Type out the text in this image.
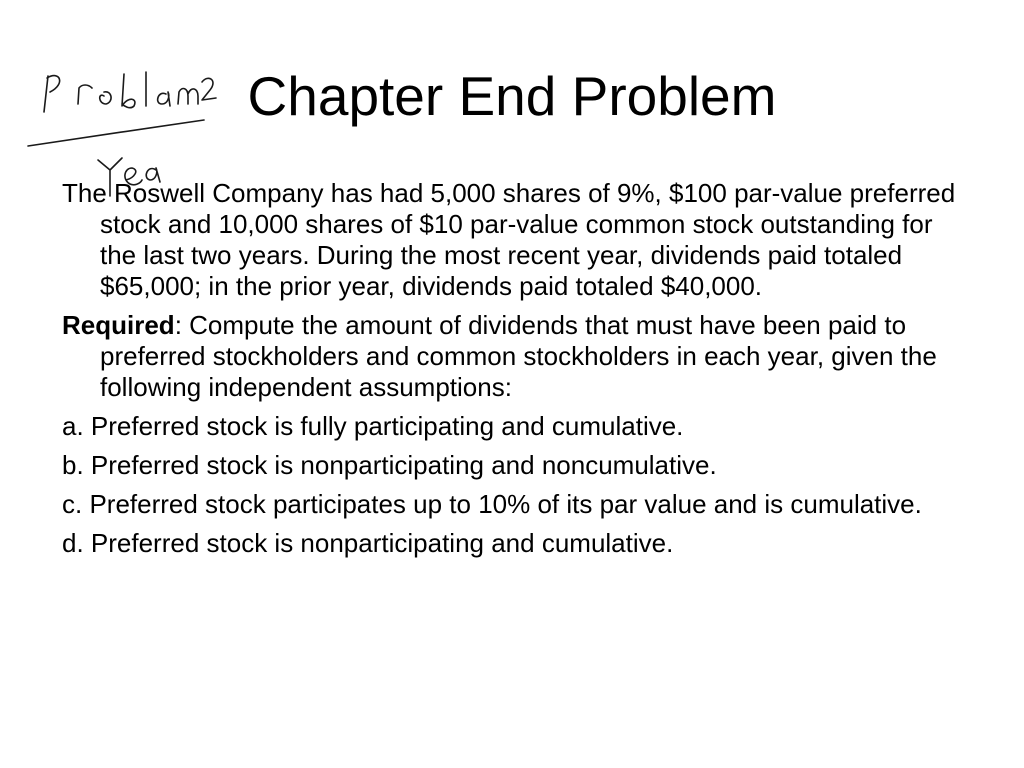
Chapter End Problem

The Roswell Company has had 5,000 shares of 9%, $100 par-value preferred stock and 10,000 shares of $10 par-value common stock outstanding for the last two years. During the most recent year, dividends paid totaled $65,000; in the prior year, dividends paid totaled $40,000.

Required: Compute the amount of dividends that must have been paid to preferred stockholders and common stockholders in each year, given the following independent assumptions:

a. Preferred stock is fully participating and cumulative.

b. Preferred stock is nonparticipating and noncumulative.

c. Preferred stock participates up to 10% of its par value and is cumulative.

d. Preferred stock is nonparticipating and cumulative.
